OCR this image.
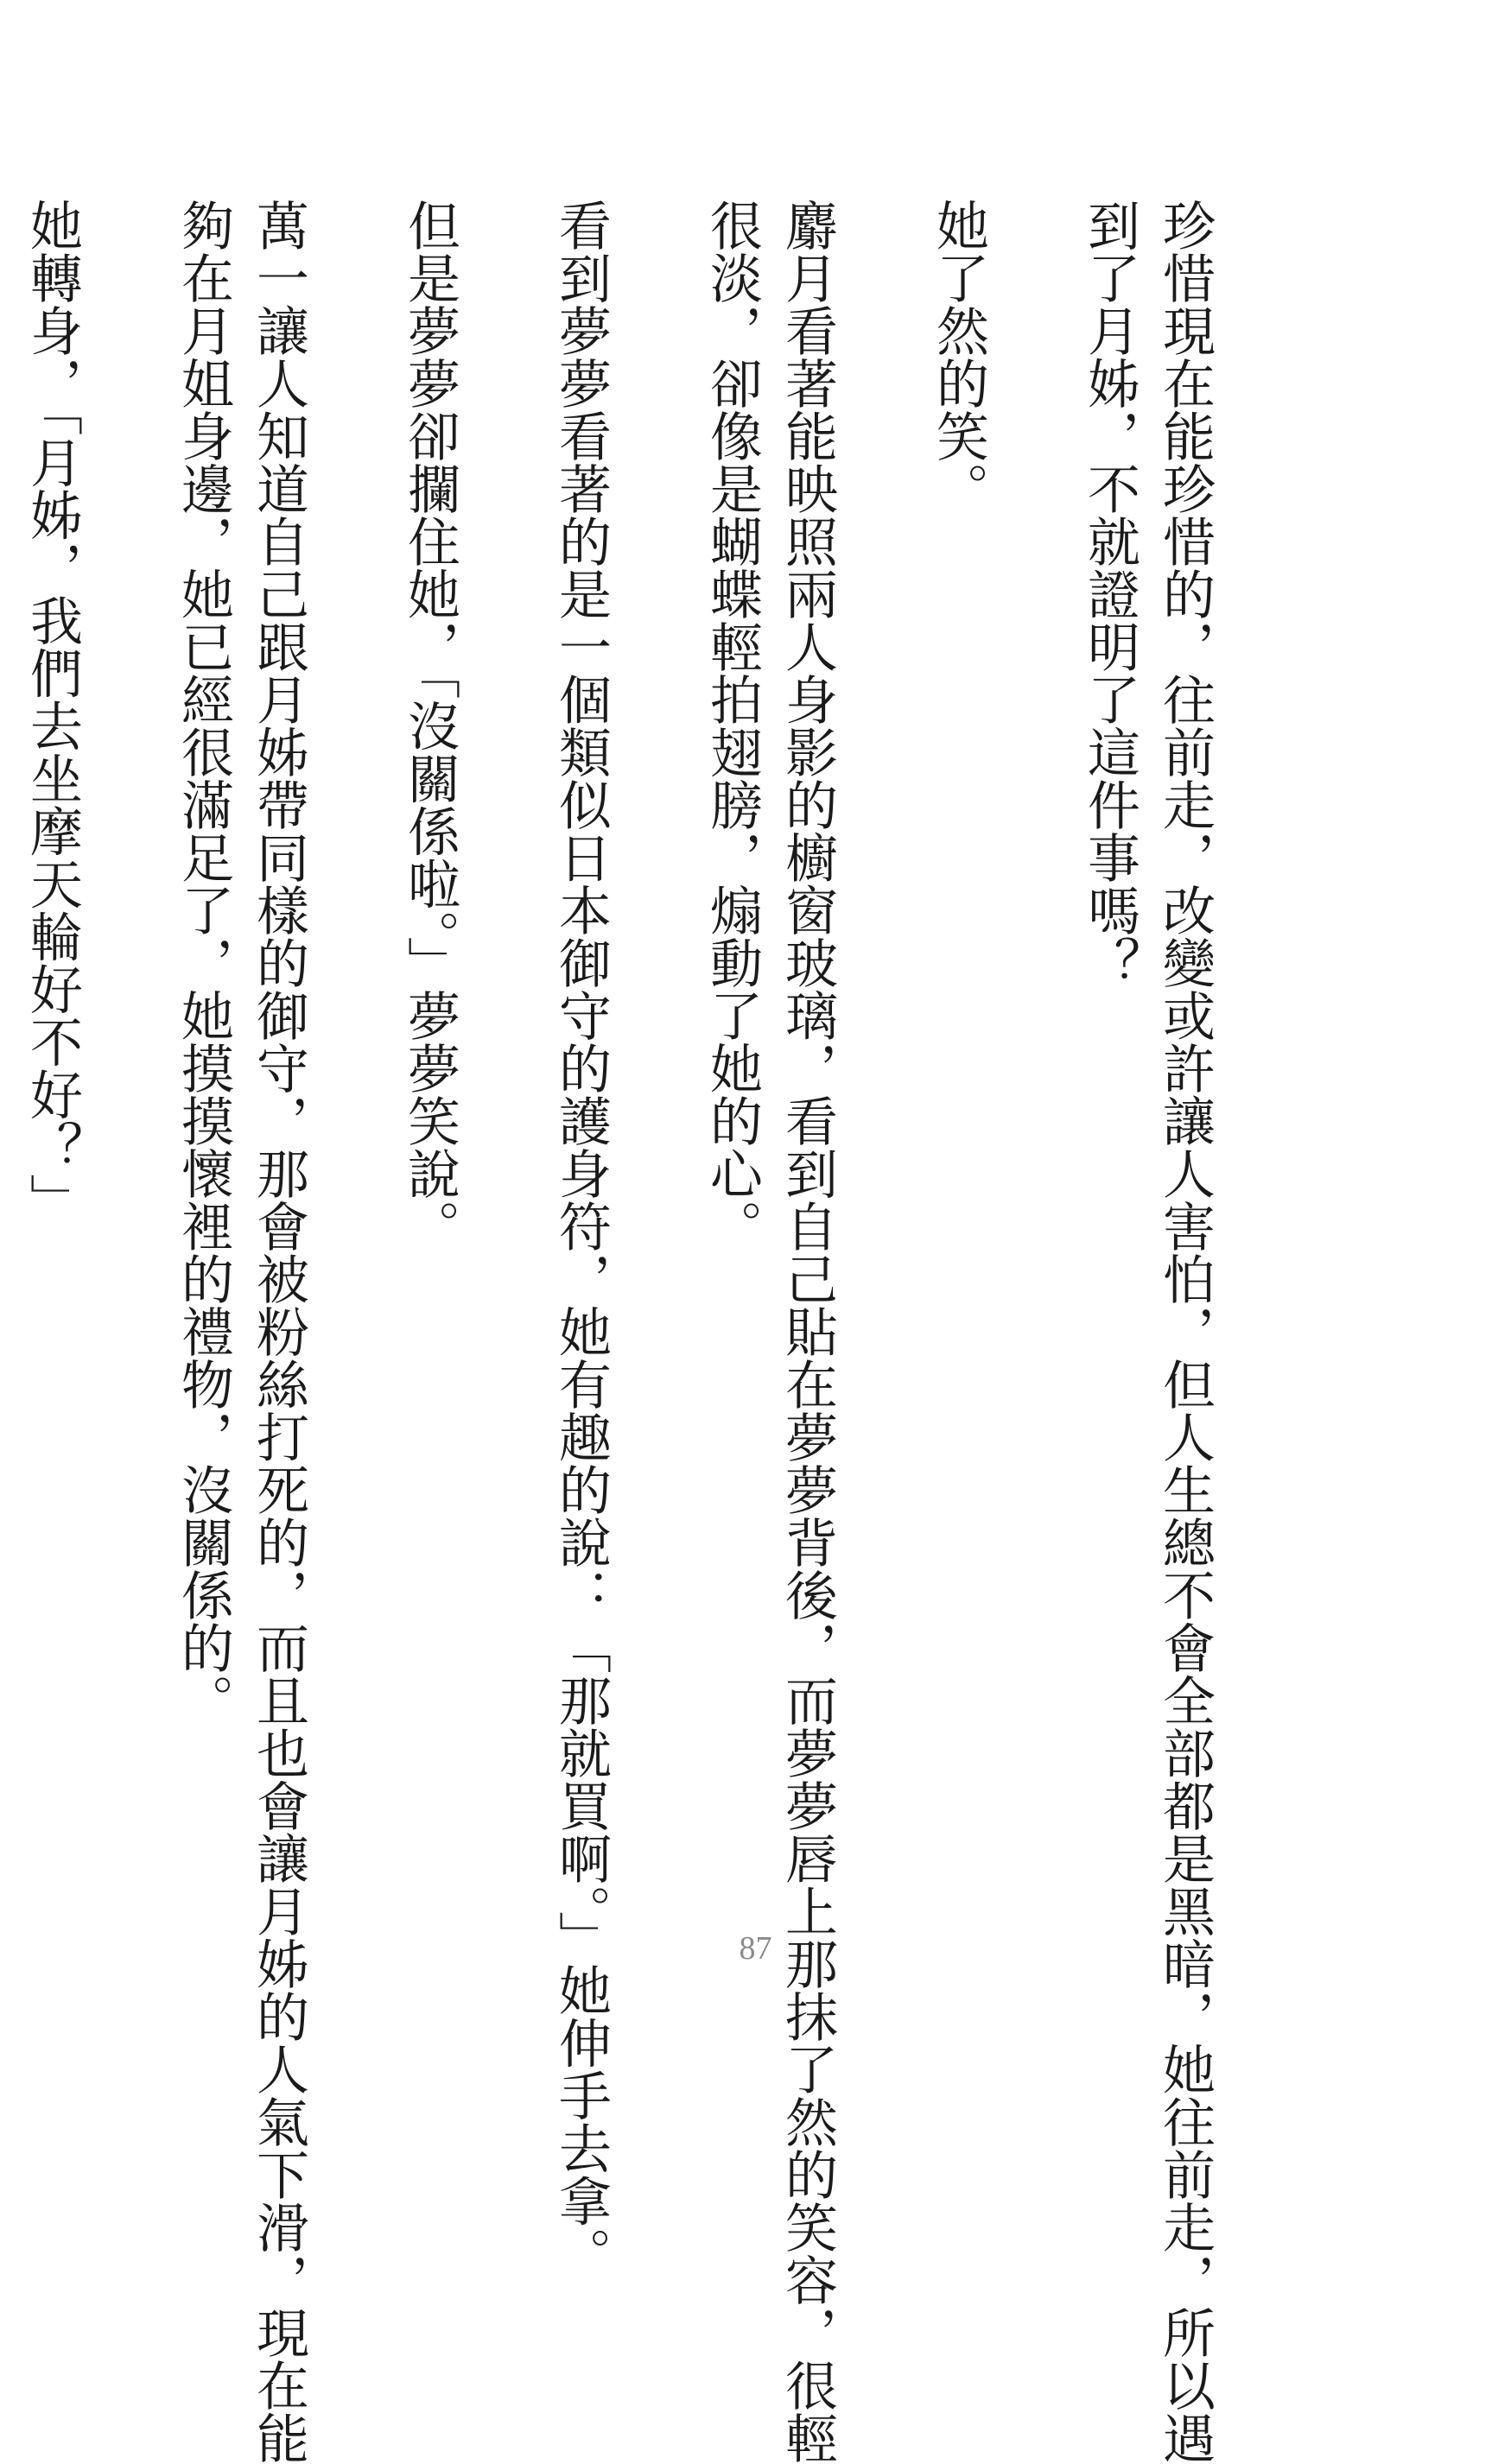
珍惜現在能珍惜的，往前走，改變或許讓人害怕，但人生總不會全部都是黑暗，她往前走，所以遇
到了月姊，不就證明了這件事嗎？
她了然的笑。
麝月看著能映照兩人身影的櫥窗玻璃，看到自己貼在夢夢背後，而夢夢唇上那抹了然的笑容，很輕
很淡，卻像是蝴蝶輕拍翅膀，煽動了她的心。
看到夢夢看著的是一個類似日本御守的護身符，她有趣的說：「那就買啊。」她伸手去拿。
但是夢夢卻攔住她，「沒關係啦。」夢夢笑說。
萬一讓人知道自己跟月姊帶同樣的御守，那會被粉絲打死的，而且也會讓月姊的人氣下滑，現在能
夠在月姐身邊，她已經很滿足了，她摸摸懷裡的禮物，沒關係的。
她轉身，「月姊，我們去坐摩天輪好不好？」
87
